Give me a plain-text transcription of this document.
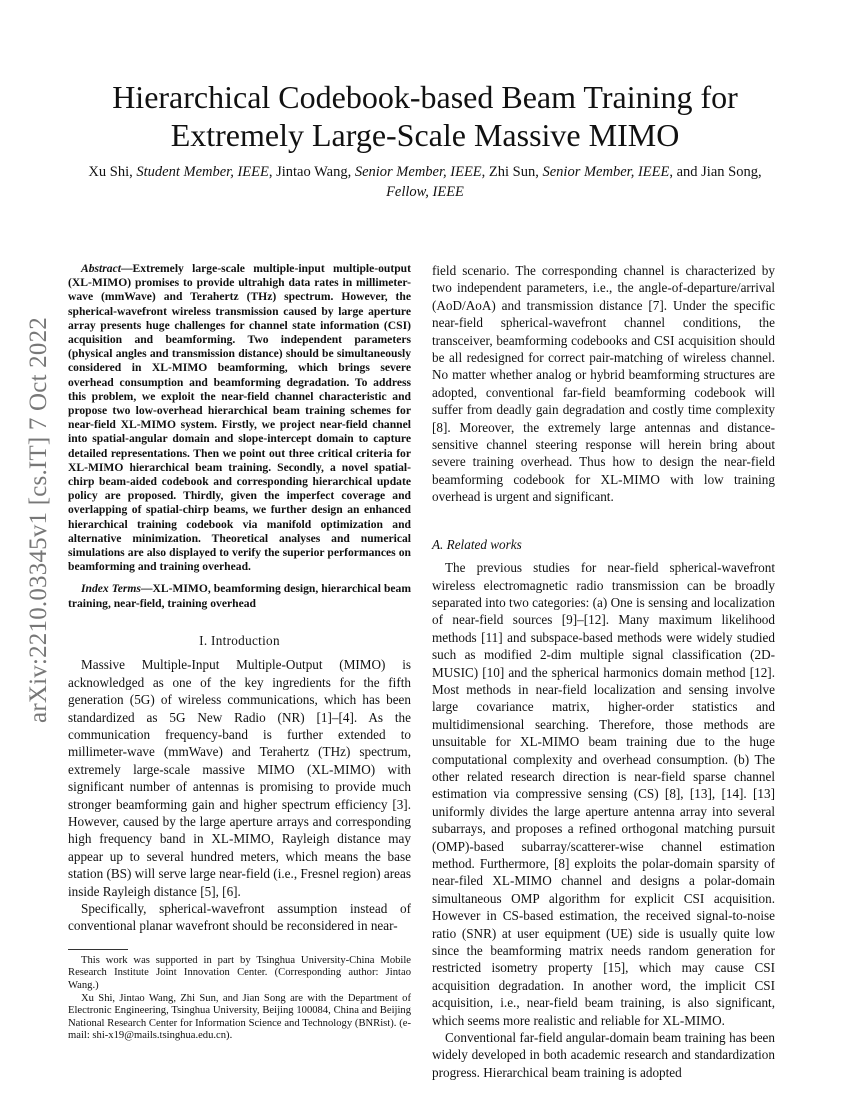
arXiv:2210.03345v1 [cs.IT] 7 Oct 2022
Hierarchical Codebook-based Beam Training for
Extremely Large-Scale Massive MIMO
Xu Shi, Student Member, IEEE, Jintao Wang, Senior Member, IEEE, Zhi Sun, Senior Member, IEEE, and Jian Song, Fellow, IEEE

Abstract—Extremely large-scale multiple-input multiple-output (XL-MIMO) promises to provide ultrahigh data rates in millimeter-wave (mmWave) and Terahertz (THz) spectrum. However, the spherical-wavefront wireless transmission caused by large aperture array presents huge challenges for channel state information (CSI) acquisition and beamforming. Two independent parameters (physical angles and transmission distance) should be simultaneously considered in XL-MIMO beamforming, which brings severe overhead consumption and beamforming degradation. To address this problem, we exploit the near-field channel characteristic and propose two low-overhead hierarchical beam training schemes for near-field XL-MIMO system. Firstly, we project near-field channel into spatial-angular domain and slope-intercept domain to capture detailed representations. Then we point out three critical criteria for XL-MIMO hierarchical beam training. Secondly, a novel spatial-chirp beam-aided codebook and corresponding hierarchical update policy are proposed. Thirdly, given the imperfect coverage and overlapping of spatial-chirp beams, we further design an enhanced hierarchical training codebook via manifold optimization and alternative minimization. Theoretical analyses and numerical simulations are also displayed to verify the superior performances on beamforming and training overhead.

Index Terms—XL-MIMO, beamforming design, hierarchical beam training, near-field, training overhead

I. Introduction

Massive Multiple-Input Multiple-Output (MIMO) is acknowledged as one of the key ingredients for the fifth generation (5G) of wireless communications, which has been standardized as 5G New Radio (NR) [1]–[4]. As the communication frequency-band is further extended to millimeter-wave (mmWave) and Terahertz (THz) spectrum, extremely large-scale massive MIMO (XL-MIMO) with significant number of antennas is promising to provide much stronger beamforming gain and higher spectrum efficiency [3]. However, caused by the large aperture arrays and corresponding high frequency band in XL-MIMO, Rayleigh distance may appear up to several hundred meters, which means the base station (BS) will serve large near-field (i.e., Fresnel region) areas inside Rayleigh distance [5], [6].

Specifically, spherical-wavefront assumption instead of conventional planar wavefront should be reconsidered in near-

This work was supported in part by Tsinghua University-China Mobile Research Institute Joint Innovation Center. (Corresponding author: Jintao Wang.)

Xu Shi, Jintao Wang, Zhi Sun, and Jian Song are with the Department of Electronic Engineering, Tsinghua University, Beijing 100084, China and Beijing National Research Center for Information Science and Technology (BNRist). (e-mail: shi-x19@mails.tsinghua.edu.cn).

field scenario. The corresponding channel is characterized by two independent parameters, i.e., the angle-of-departure/arrival (AoD/AoA) and transmission distance [7]. Under the specific near-field spherical-wavefront channel conditions, the transceiver, beamforming codebooks and CSI acquisition should be all redesigned for correct pair-matching of wireless channel. No matter whether analog or hybrid beamforming structures are adopted, conventional far-field beamforming codebook will suffer from deadly gain degradation and costly time complexity [8]. Moreover, the extremely large antennas and distance-sensitive channel steering response will herein bring about severe training overhead. Thus how to design the near-field beamforming codebook for XL-MIMO with low training overhead is urgent and significant.

A. Related works

The previous studies for near-field spherical-wavefront wireless electromagnetic radio transmission can be broadly separated into two categories: (a) One is sensing and localization of near-field sources [9]–[12]. Many maximum likelihood methods [11] and subspace-based methods were widely studied such as modified 2-dim multiple signal classification (2D-MUSIC) [10] and the spherical harmonics domain method [12]. Most methods in near-field localization and sensing involve large covariance matrix, higher-order statistics and multidimensional searching. Therefore, those methods are unsuitable for XL-MIMO beam training due to the huge computational complexity and overhead consumption. (b) The other related research direction is near-field sparse channel estimation via compressive sensing (CS) [8], [13], [14]. [13] uniformly divides the large aperture antenna array into several subarrays, and proposes a refined orthogonal matching pursuit (OMP)-based subarray/scatterer-wise channel estimation method. Furthermore, [8] exploits the polar-domain sparsity of near-filed XL-MIMO channel and designs a polar-domain simultaneous OMP algorithm for explicit CSI acquisition. However in CS-based estimation, the received signal-to-noise ratio (SNR) at user equipment (UE) side is usually quite low since the beamforming matrix needs random generation for restricted isometry property [15], which may cause CSI acquisition degradation. In another word, the implicit CSI acquisition, i.e., near-field beam training, is also significant, which seems more realistic and reliable for XL-MIMO.

Conventional far-field angular-domain beam training has been widely developed in both academic research and standardization progress. Hierarchical beam training is adopted
